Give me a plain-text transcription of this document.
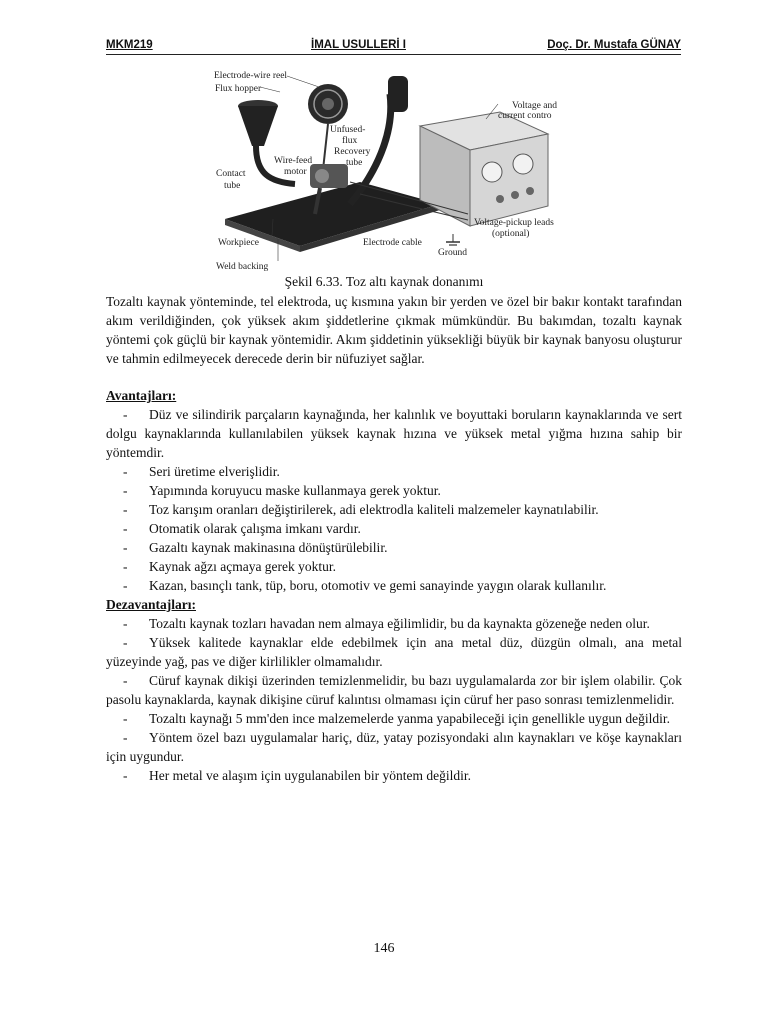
MKM219	İMAL USULLERİ I	Doç. Dr. Mustafa GÜNAY
Electrode-wire reel
Flux hopper
Voltage and
current contro
Unfused-
flux
Recovery
tube
Wire-feed
motor
Contact
tube
Voltage-pickup leads
(optional)
Workpiece	Electrode cable
Ground
Weld backing
Şekil 6.33. Toz altı kaynak donanımı

Tozaltı kaynak yönteminde, tel elektroda, uç kısmına yakın bir yerden ve özel bir bakır kontakt tarafından akım verildiğinden, çok yüksek akım şiddetlerine çıkmak mümkündür. Bu bakımdan, tozaltı kaynak yöntemi çok güçlü bir kaynak yöntemidir. Akım şiddetinin yüksekliği büyük bir kaynak banyosu oluşturur ve tahmin edilmeyecek derecede derin bir nüfuziyet sağlar.

Avantajları:
- Düz ve silindirik parçaların kaynağında, her kalınlık ve boyuttaki boruların kaynaklarında ve sert dolgu kaynaklarında kullanılabilen yüksek kaynak hızına ve yüksek metal yığma hızına sahip bir yöntemdir.
- Seri üretime elverişlidir.
- Yapımında koruyucu maske kullanmaya gerek yoktur.
- Toz karışım oranları değiştirilerek, adi elektrodla kaliteli malzemeler kaynatılabilir.
- Otomatik olarak çalışma imkanı vardır.
- Gazaltı kaynak makinasına dönüştürülebilir.
- Kaynak ağzı açmaya gerek yoktur.
- Kazan, basınçlı tank, tüp, boru, otomotiv ve gemi sanayinde yaygın olarak kullanılır.
Dezavantajları:
- Tozaltı kaynak tozları havadan nem almaya eğilimlidir, bu da kaynakta gözeneğe neden olur.
- Yüksek kalitede kaynaklar elde edebilmek için ana metal düz, düzgün olmalı, ana metal yüzeyinde yağ, pas ve diğer kirlilikler olmamalıdır.
- Cüruf kaynak dikişi üzerinden temizlenmelidir, bu bazı uygulamalarda zor bir işlem olabilir. Çok pasolu kaynaklarda, kaynak dikişine cüruf kalıntısı olmaması için cüruf her paso sonrası temizlenmelidir.
- Tozaltı kaynağı 5 mm'den ince malzemelerde yanma yapabileceği için genellikle uygun değildir.
- Yöntem özel bazı uygulamalar hariç, düz, yatay pozisyondaki alın kaynakları ve köşe kaynakları için uygundur.
- Her metal ve alaşım için uygulanabilen bir yöntem değildir.
146
